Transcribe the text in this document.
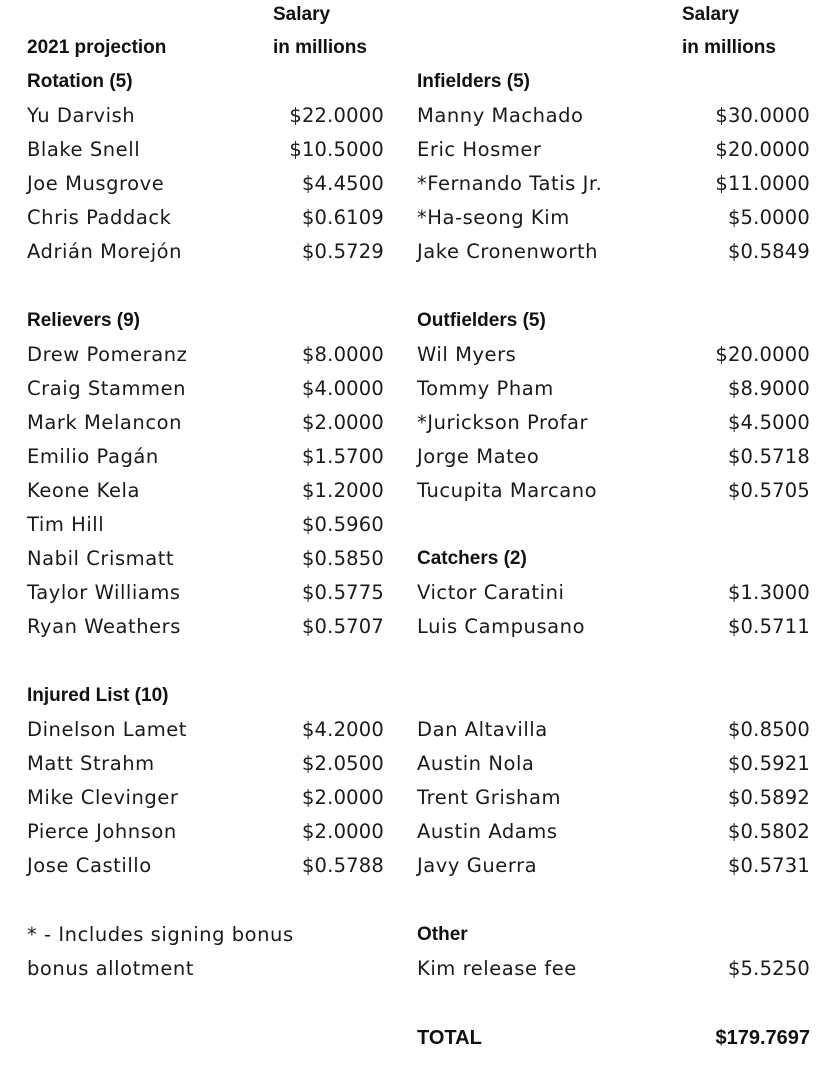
Salary
in millions
Salary
in millions
2021 projection
Rotation (5)
Yu Darvish	$22.0000
Blake Snell	$10.5000
Joe Musgrove	$4.4500
Chris Paddack	$0.6109
Adrián Morejón	$0.5729
Relievers (9)
Drew Pomeranz	$8.0000
Craig Stammen	$4.0000
Mark Melancon	$2.0000
Emilio Pagán	$1.5700
Keone Kela	$1.2000
Tim Hill	$0.5960
Nabil Crismatt	$0.5850
Taylor Williams	$0.5775
Ryan Weathers	$0.5707
Injured List (10)
Dinelson Lamet	$4.2000
Matt Strahm	$2.0500
Mike Clevinger	$2.0000
Pierce Johnson	$2.0000
Jose Castillo	$0.5788
* - Includes signing bonus
bonus allotment
Infielders (5)
Manny Machado	$30.0000
Eric Hosmer	$20.0000
*Fernando Tatis Jr.	$11.0000
*Ha-seong Kim	$5.0000
Jake Cronenworth	$0.5849
Outfielders (5)
Wil Myers	$20.0000
Tommy Pham	$8.9000
*Jurickson Profar	$4.5000
Jorge Mateo	$0.5718
Tucupita Marcano	$0.5705
Catchers (2)
Victor Caratini	$1.3000
Luis Campusano	$0.5711
Dan Altavilla	$0.8500
Austin Nola	$0.5921
Trent Grisham	$0.5892
Austin Adams	$0.5802
Javy Guerra	$0.5731
Other
Kim release fee	$5.5250
TOTAL	$179.7697
